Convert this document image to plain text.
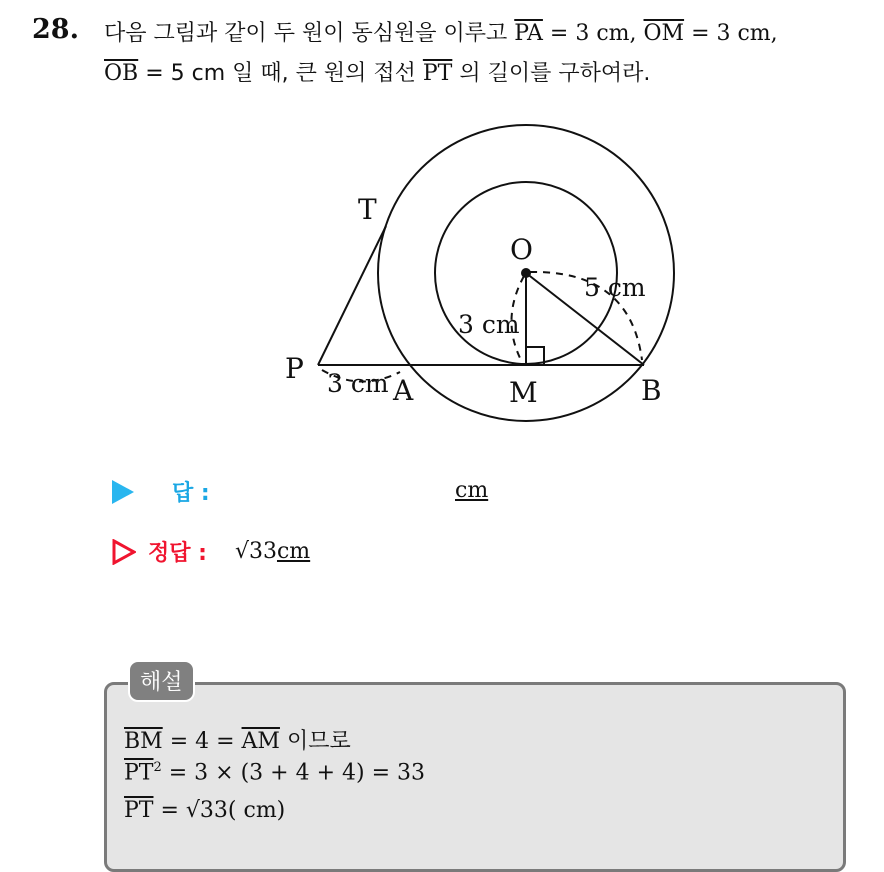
28. 다음 그림과 같이 두 원이 동심원을 이루고 $\overline{PA} = 3$ cm, $\overline{OM} = 3$ cm,
$\overline{OB} = 5$ cm 일 때, 큰 원의 접선 $\overline{PT}$ 의 길이를 구하여라.
T
O
P
A	M	B
3 cm
5 cm
3 cm
답 :	cm
정답 : √33cm
해설
$\overline{BM} = 4 = \overline{AM}$ 이므로
$\overline{PT}^2 = 3 \times (3 + 4 + 4) = 33$
$\overline{PT} = √33$( cm)
